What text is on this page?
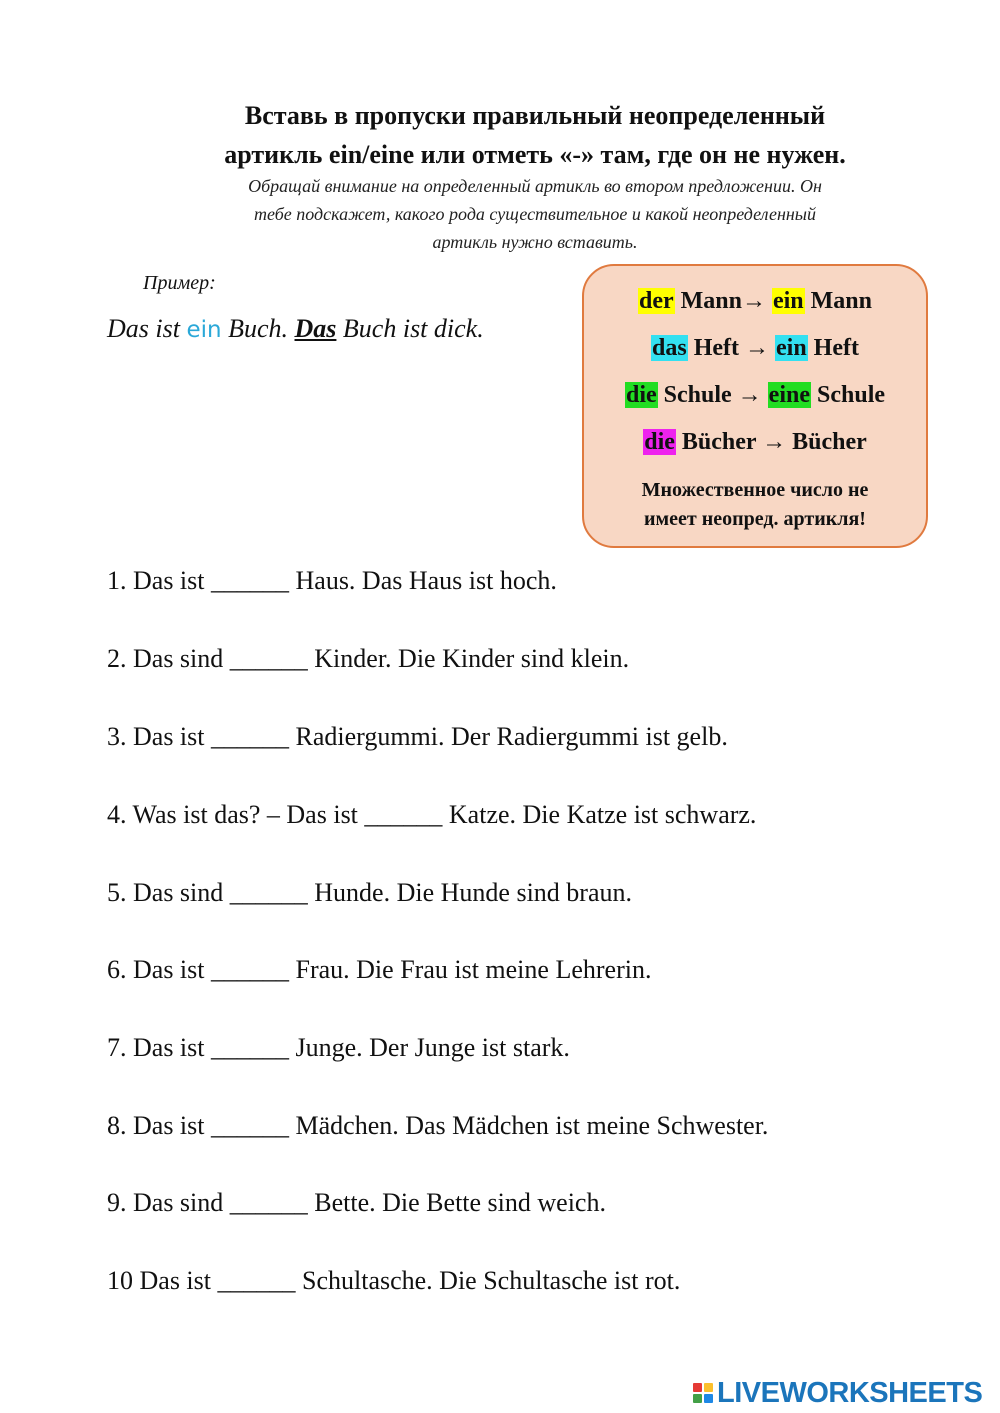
Вставь в пропуски правильный неопределенный
артикль ein/eine или отметь «-» там, где он не нужен.
Обращай внимание на определенный артикль во втором предложении. Он
тебе подскажет, какого рода существительное и какой неопределенный
артикль нужно вставить.
Пример:
Das ist ein Buch. Das Buch ist dick.
der Mann→ ein Mann
das Heft → ein Heft
die Schule → eine Schule
die Bücher → Bücher
Множественное число не
имеет неопред. артикля!
1. Das ist ______ Haus. Das Haus ist hoch.
2. Das sind ______ Kinder. Die Kinder sind klein.
3. Das ist ______ Radiergummi. Der Radiergummi ist gelb.
4. Was ist das? – Das ist ______ Katze. Die Katze ist schwarz.
5. Das sind ______ Hunde. Die Hunde sind braun.
6. Das ist ______ Frau. Die Frau ist meine Lehrerin.
7. Das ist ______ Junge. Der Junge ist stark.
8. Das ist ______ Mädchen. Das Mädchen ist meine Schwester.
9. Das sind ______ Bette. Die Bette sind weich.
10 Das ist ______ Schultasche. Die Schultasche ist rot.
LIVEWORKSHEETS
